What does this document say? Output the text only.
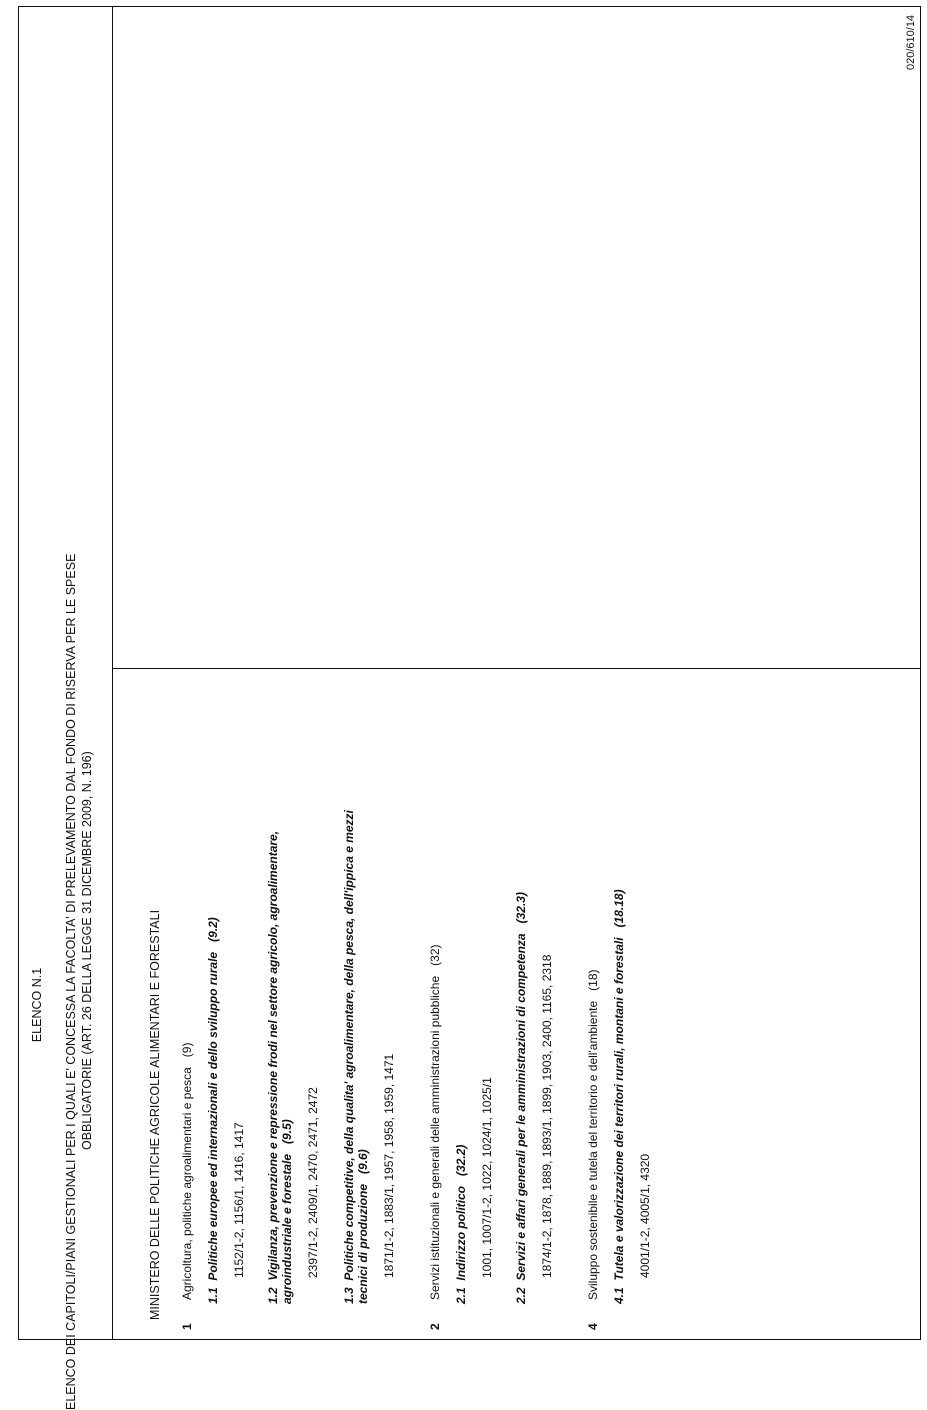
020/610/14
ELENCO N.1 ELENCO DEI CAPITOLI/PIANI GESTIONALI PER I QUALI E' CONCESSA LA FACOLTA' DI PRELEVAMENTO DAL FONDO DI RISERVA PER LE SPESE OBBLIGATORIE (ART. 26 DELLA LEGGE 31 DICEMBRE 2009, N. 196)	MINISTERO DELLE POLITICHE AGRICOLE ALIMENTARI E FORESTALI
1Agricoltura, politiche agroalimentari e pesca   (9)
1.1  Politiche europee ed internazionali e dello sviluppo rurale   (9.2)
1152/1-2, 1156/1, 1416, 1417
1.2  Vigilanza, prevenzione e repressione frodi nel settore agricolo, agroalimentare, agroindustriale e forestale   (9.5) 2397/1-2, 2409/1, 2470, 2471, 2472
1.3  Politiche competitive, della qualita' agroalimentare, della pesca, dell'ippica e mezzi tecnici di produzione   (9.6) 1871/1-2, 1883/1, 1957, 1958, 1959, 1471
2Servizi istituzionali e generali delle amministrazioni pubbliche   (32)
2.1  Indirizzo politico   (32.2) 1001, 1007/1-2, 1022, 1024/1, 1025/1
2.2  Servizi e affari generali per le amministrazioni di competenza   (32.3)
1874/1-2, 1878, 1889, 1893/1, 1899, 1903, 2400, 1165, 2318
4Sviluppo sostenibile e tutela del territorio e dell'ambiente   (18)
4.1  Tutela e valorizzazione dei territori rurali, montani e forestali   (18.18)
4001/1-2, 4005/1, 4320
